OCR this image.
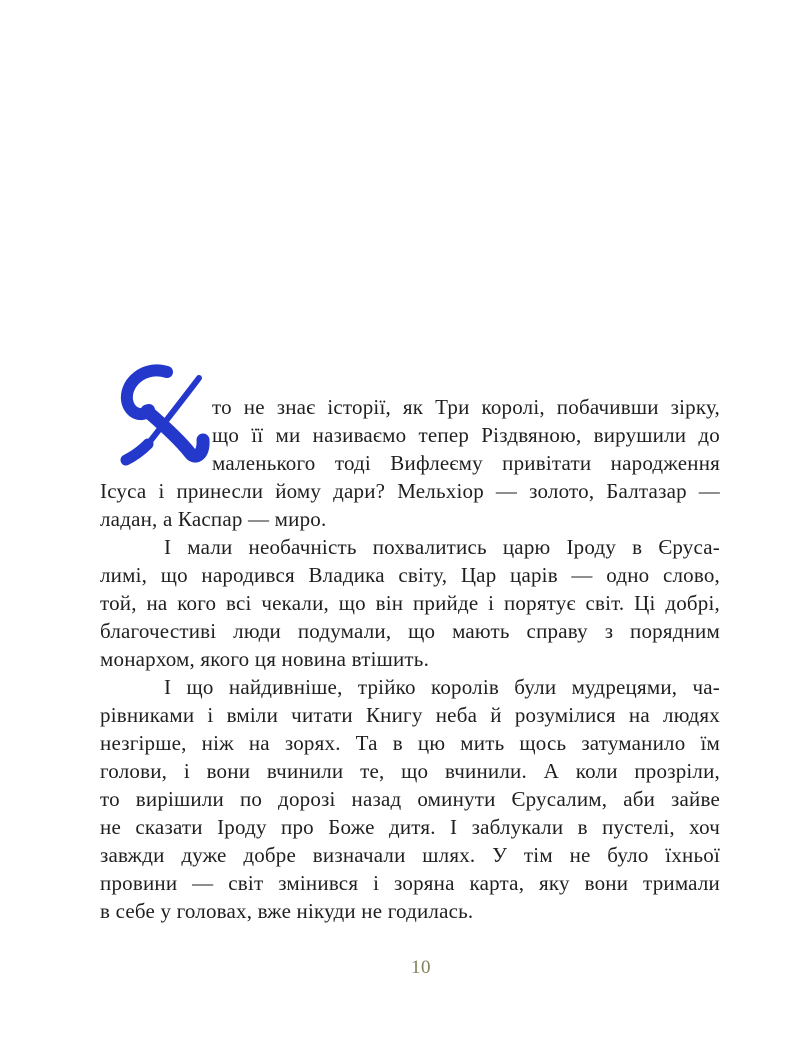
то не знає історії, як Три королі, побачивши зірку,
що її ми називаємо тепер Різдвяною, вирушили до
маленького тоді Вифлеєму привітати народження
Ісуса і принесли йому дари? Мельхіор — золото, Балтазар —
ладан, а Каспар — миро.
І мали необачність похвалитись царю Іроду в Єруса-
лимі, що народився Владика світу, Цар царів — одно слово,
той, на кого всі чекали, що він прийде і порятує світ. Ці добрі,
благочестиві люди подумали, що мають справу з порядним
монархом, якого ця новина втішить.
І що найдивніше, трійко королів були мудрецями, ча-
рівниками і вміли читати Книгу неба й розумілися на людях
незгірше, ніж на зорях. Та в цю мить щось затуманило їм
голови, і вони вчинили те, що вчинили. А коли прозріли,
то вирішили по дорозі назад оминути Єрусалим, аби зайве
не сказати Іроду про Боже дитя. І заблукали в пустелі, хоч
завжди дуже добре визначали шлях. У тім не було їхньої
провини — світ змінився і зоряна карта, яку вони тримали
в себе у головах, вже нікуди не годилась.
10
